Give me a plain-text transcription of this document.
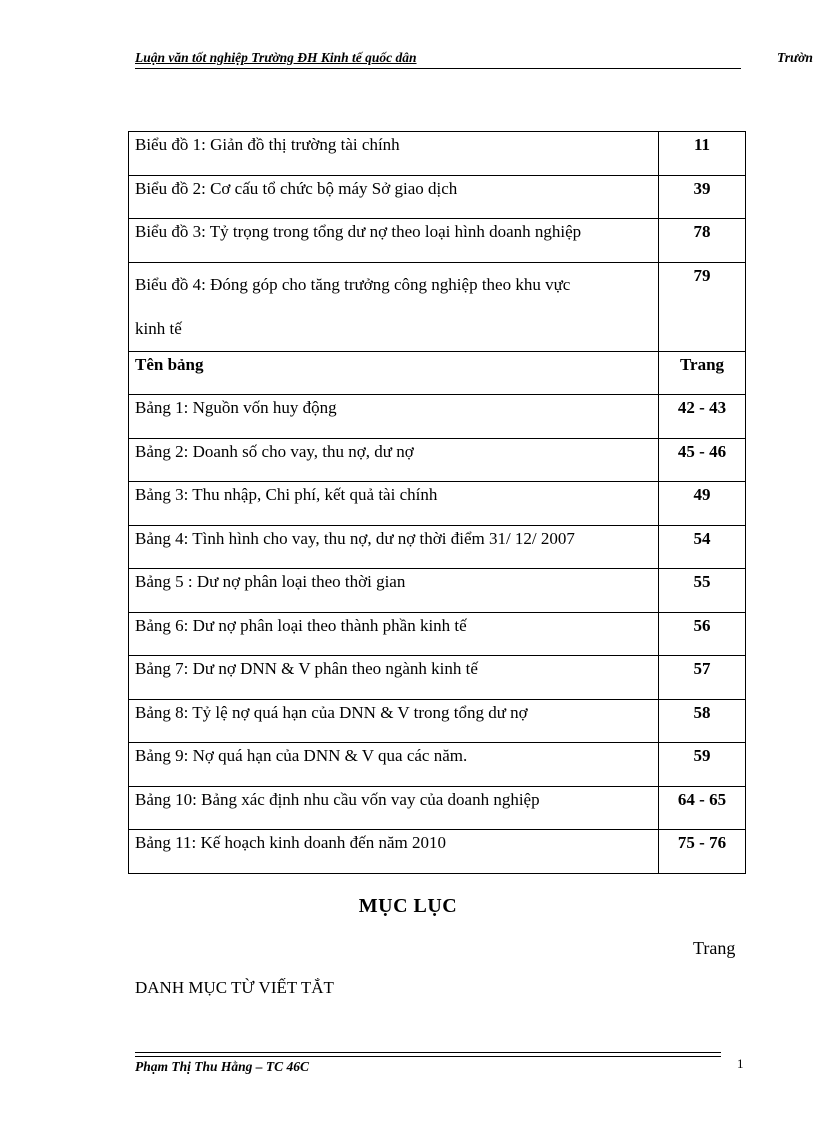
Luận văn tốt nghiệp Trường ĐH Kinh tế quốc dân	Trườn
Biểu đồ 1: Giản đồ thị trường tài chính	11
Biểu đồ 2: Cơ cấu tổ chức bộ máy Sở giao dịch	39
Biểu đồ 3: Tỷ trọng trong tổng dư nợ theo loại hình doanh nghiệp	78
Biểu đồ 4: Đóng góp cho tăng trưởng công nghiệp theo khu vực
kinh tế	79
Tên bảng	Trang
Bảng 1: Nguồn vốn huy động	42 - 43
Bảng 2: Doanh số cho vay, thu nợ, dư nợ	45 - 46
Bảng 3: Thu nhập, Chi phí, kết quả tài chính	49
Bảng 4: Tình hình cho vay, thu nợ, dư nợ thời điểm 31/ 12/ 2007	54
Bảng 5 : Dư nợ phân loại theo thời gian	55
Bảng 6: Dư nợ phân loại theo thành phần kinh tế	56
Bảng 7: Dư nợ DNN & V phân theo ngành kinh tế	57
Bảng 8: Tỷ lệ nợ quá hạn của DNN & V trong tổng dư nợ	58
Bảng 9: Nợ quá hạn của DNN & V qua các năm.	59
Bảng 10: Bảng xác định nhu cầu vốn vay của doanh nghiệp	64 - 65
Bảng 11: Kế hoạch kinh doanh đến năm 2010	75 - 76
MỤC LỤC
Trang
DANH MỤC TỪ VIẾT TẮT
Phạm Thị Thu Hằng – TC 46C	1
